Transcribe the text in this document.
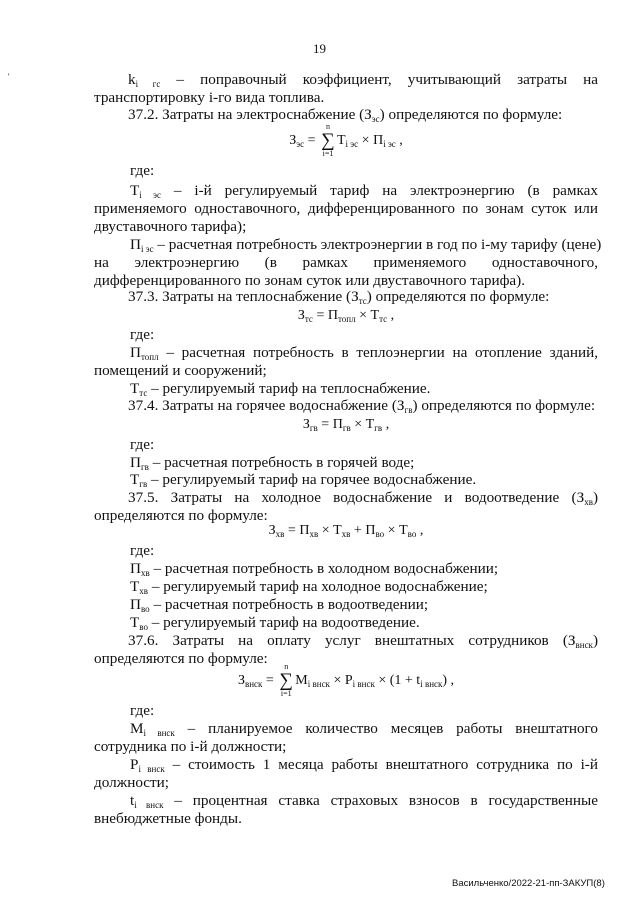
19
'	$k_{i гс}$ – поправочный коэффициент, учитывающий затраты на
транспортировку i-го вида топлива.
37.2. Затраты на электроснабжение $(З_{эс})$ определяются по формуле:
$З_{эс}$ =
n
∑
i=1
$T_{i эс} \times П_{i эс}$ ,
где:
$T_{i эс} - i-й$ регулируемый тариф на электроэнергию (в рамках
применяемого одноставочного, дифференцированного по зонам суток или
двуставочного тарифа);
$П_{i эс}$ – расчетная потребность электроэнергии в год по i-му тарифу (цене)
на электроэнергию (в рамках применяемого одноставочного,
дифференцированного по зонам суток или двуставочного тарифа).
37.3. Затраты на теплоснабжение $(З_{тс})$ определяются по формуле:
$З_{тс} = П_{топл} \times T_{тс}$ ,
где:
$П_{топл}$ – расчетная потребность в теплоэнергии на отопление зданий,
помещений и сооружений;
$T_{тс}$ – регулируемый тариф на теплоснабжение.
37.4. Затраты на горячее водоснабжение $(З_{гв})$ определяются по формуле:
$З_{гв} = П_{гв} \times T_{гв}$ ,
где:
$П_{гв}$ – расчетная потребность в горячей воде;
$T_{гв}$ – регулируемый тариф на горячее водоснабжение.
37.5. Затраты на холодное водоснабжение и водоотведение $(З_{хв})$
определяются по формуле:
$З_{хв} = П_{хв} \times T_{хв} + П_{во} \times T_{во}$ ,
где:
$П_{хв}$ – расчетная потребность в холодном водоснабжении;
$T_{хв}$ – регулируемый тариф на холодное водоснабжение;
$П_{во}$ – расчетная потребность в водоотведении;
$T_{во}$ – регулируемый тариф на водоотведение.
37.6. Затраты на оплату услуг внештатных сотрудников $(З_{внск})$
определяются по формуле:
$З_{внск}$ =
n
∑
i=1
$M_{i внск} \times P_{i внск} \times (1 + t_{i внск})$ ,
где:
$M_{i внск}$ – планируемое количество месяцев работы внештатного
сотрудника по i-й должности;
$P_{i внск}$ – стоимость 1 месяца работы внештатного сотрудника по i-й
должности;
$t_{i внск}$ – процентная ставка страховых взносов в государственные
внебюджетные фонды.
Васильченко/2022-21-пп-ЗАКУП(8)
